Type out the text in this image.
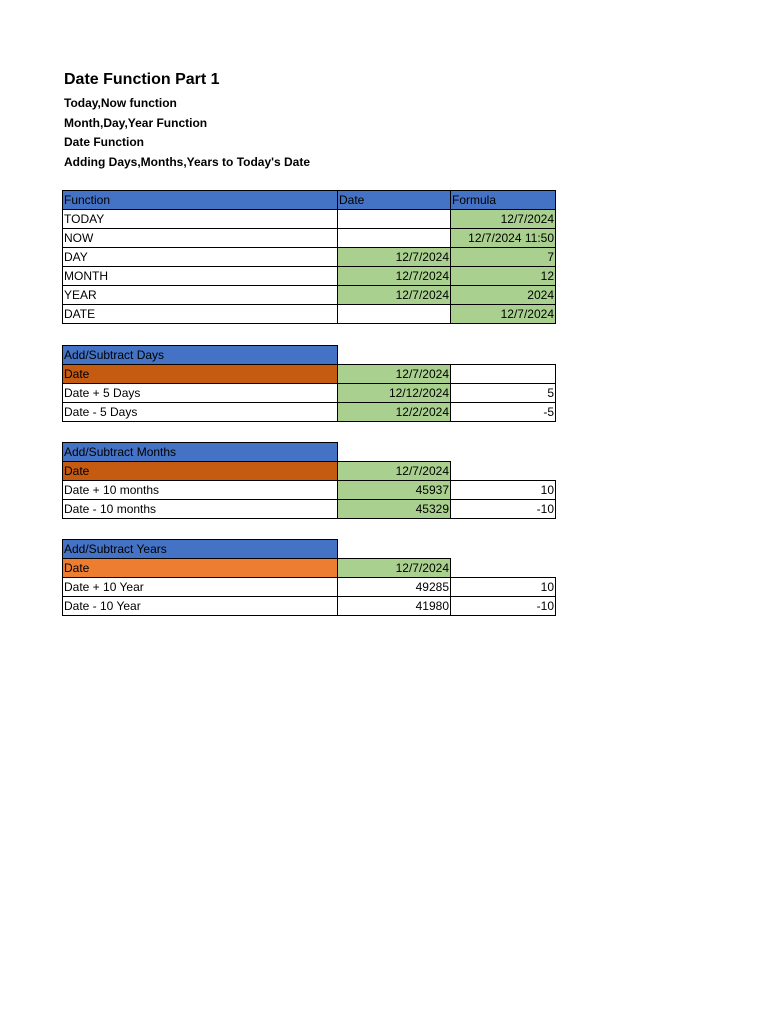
Date Function Part 1
Today,Now function
Month,Day,Year Function
Date Function
Adding Days,Months,Years to Today's Date
Function	Date	Formula
TODAY		12/7/2024
NOW		12/7/2024 11:50
DAY	12/7/2024	7
MONTH	12/7/2024	12
YEAR	12/7/2024	2024
DATE		12/7/2024
Add/Subtract Days		
Date	12/7/2024	
Date + 5 Days	12/12/2024	5
Date - 5 Days	12/2/2024	-5
Add/Subtract Months		
Date	12/7/2024	
Date + 10 months	45937	10
Date - 10 months	45329	-10
Add/Subtract Years		
Date	12/7/2024	
Date + 10 Year	49285	10
Date - 10 Year	41980	-10
